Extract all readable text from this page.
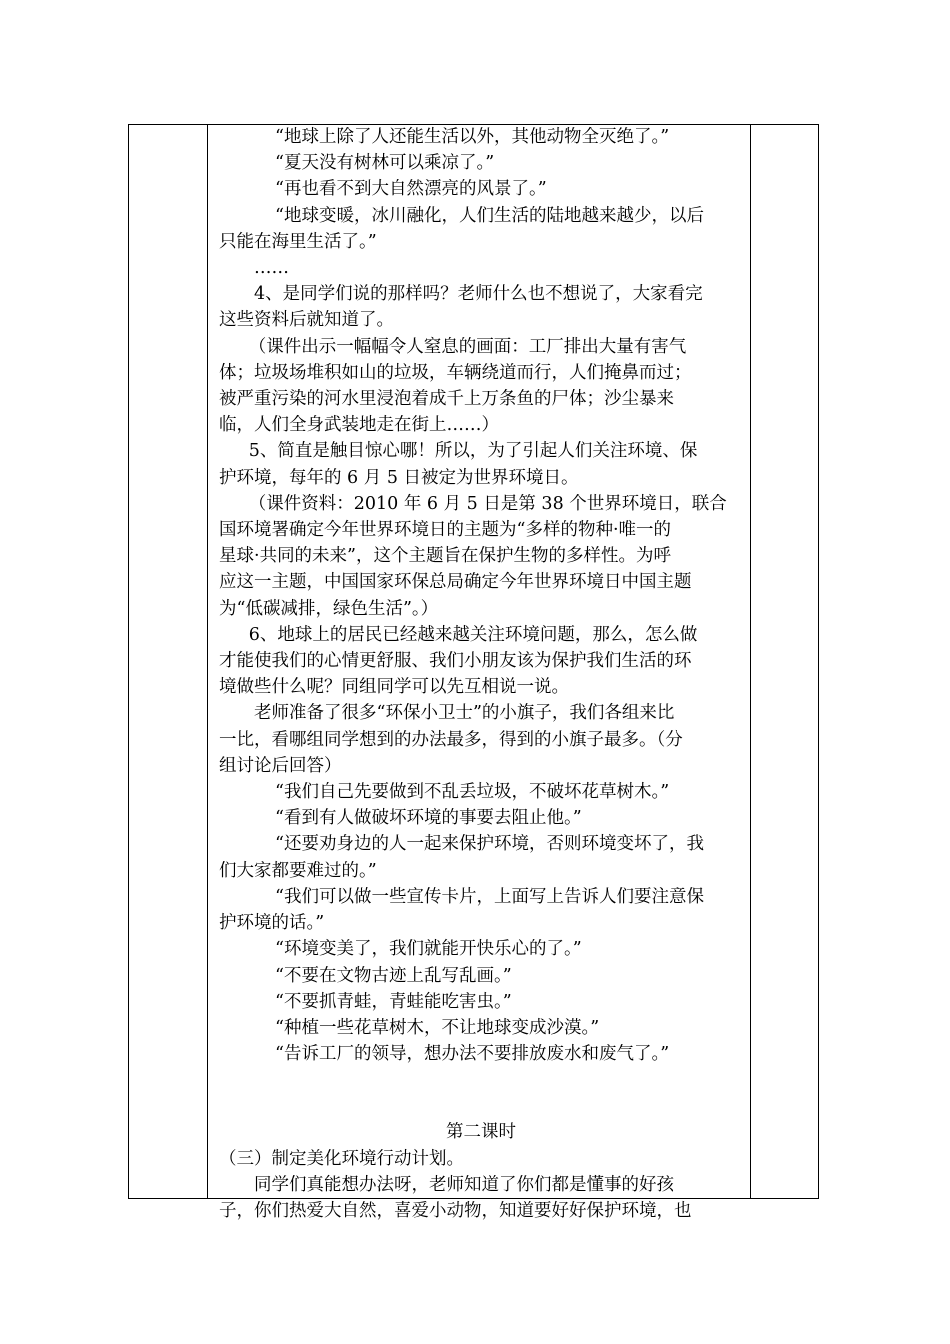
“地球上除了人还能生活以外，其他动物全灭绝了。”

“夏天没有树林可以乘凉了。”

“再也看不到大自然漂亮的风景了。”

“地球变暖，冰川融化，人们生活的陆地越来越少，以后

只能在海里生活了。”

……

4、是同学们说的那样吗？老师什么也不想说了，大家看完

这些资料后就知道了。

（课件出示一幅幅令人窒息的画面：工厂排出大量有害气

体；垃圾场堆积如山的垃圾，车辆绕道而行，人们掩鼻而过；

被严重污染的河水里浸泡着成千上万条鱼的尸体；沙尘暴来

临，人们全身武装地走在街上……）

5、简直是触目惊心哪！所以，为了引起人们关注环境、保

护环境，每年的 6 月 5 日被定为世界环境日。

（课件资料：2010 年 6 月 5 日是第 38 个世界环境日，联合

国环境署确定今年世界环境日的主题为“多样的物种·唯一的

星球·共同的未来”，这个主题旨在保护生物的多样性。为呼

应这一主题，中国国家环保总局确定今年世界环境日中国主题

为“低碳减排，绿色生活”。）

6、地球上的居民已经越来越关注环境问题，那么，怎么做

才能使我们的心情更舒服、我们小朋友该为保护我们生活的环

境做些什么呢？同组同学可以先互相说一说。

老师准备了很多“环保小卫士”的小旗子，我们各组来比

一比，看哪组同学想到的办法最多，得到的小旗子最多。（分

组讨论后回答）

“我们自己先要做到不乱丢垃圾，不破坏花草树木。”

“看到有人做破坏环境的事要去阻止他。”

“还要劝身边的人一起来保护环境，否则环境变坏了，我

们大家都要难过的。”

“我们可以做一些宣传卡片，上面写上告诉人们要注意保

护环境的话。”

“环境变美了，我们就能开快乐心的了。”

“不要在文物古迹上乱写乱画。”

“不要抓青蛙，青蛙能吃害虫。”

“种植一些花草树木，不让地球变成沙漠。”

“告诉工厂的领导，想办法不要排放废水和废气了。”

第二课时

（三）制定美化环境行动计划。

同学们真能想办法呀，老师知道了你们都是懂事的好孩

子，你们热爱大自然，喜爱小动物，知道要好好保护环境，也
